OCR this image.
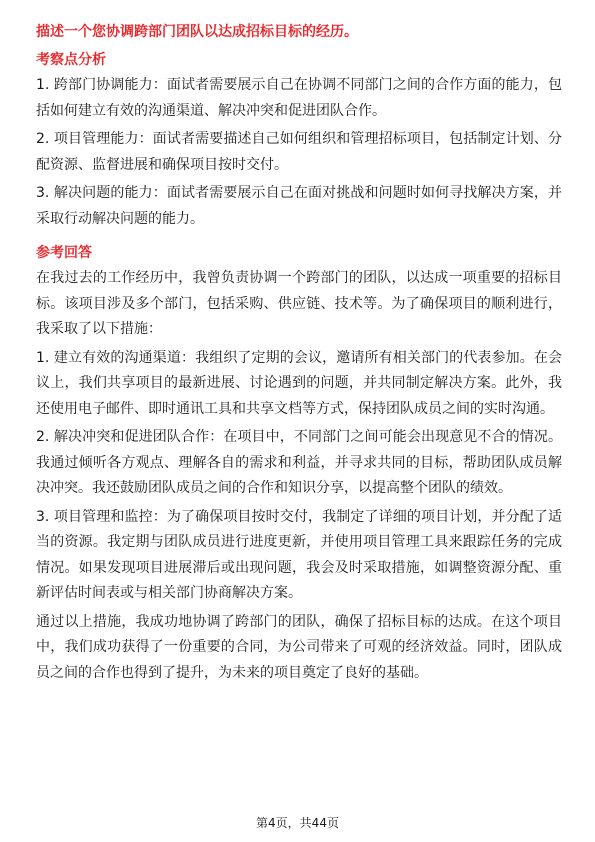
描述一个您协调跨部门团队以达成招标目标的经历。
考察点分析
1. 跨部门协调能力：面试者需要展示自己在协调不同部门之间的合作方面的能力，包括如何建立有效的沟通渠道、解决冲突和促进团队合作。
2. 项目管理能力：面试者需要描述自己如何组织和管理招标项目，包括制定计划、分配资源、监督进展和确保项目按时交付。
3. 解决问题的能力：面试者需要展示自己在面对挑战和问题时如何寻找解决方案，并采取行动解决问题的能力。
参考回答
在我过去的工作经历中，我曾负责协调一个跨部门的团队，以达成一项重要的招标目标。该项目涉及多个部门，包括采购、供应链、技术等。为了确保项目的顺利进行，我采取了以下措施：
1. 建立有效的沟通渠道：我组织了定期的会议，邀请所有相关部门的代表参加。在会议上，我们共享项目的最新进展、讨论遇到的问题，并共同制定解决方案。此外，我还使用电子邮件、即时通讯工具和共享文档等方式，保持团队成员之间的实时沟通。
2. 解决冲突和促进团队合作：在项目中，不同部门之间可能会出现意见不合的情况。我通过倾听各方观点、理解各自的需求和利益，并寻求共同的目标，帮助团队成员解决冲突。我还鼓励团队成员之间的合作和知识分享，以提高整个团队的绩效。
3. 项目管理和监控：为了确保项目按时交付，我制定了详细的项目计划，并分配了适当的资源。我定期与团队成员进行进度更新，并使用项目管理工具来跟踪任务的完成情况。如果发现项目进展滞后或出现问题，我会及时采取措施，如调整资源分配、重新评估时间表或与相关部门协商解决方案。
通过以上措施，我成功地协调了跨部门的团队，确保了招标目标的达成。在这个项目中，我们成功获得了一份重要的合同，为公司带来了可观的经济效益。同时，团队成员之间的合作也得到了提升，为未来的项目奠定了良好的基础。
第4页，共44页
